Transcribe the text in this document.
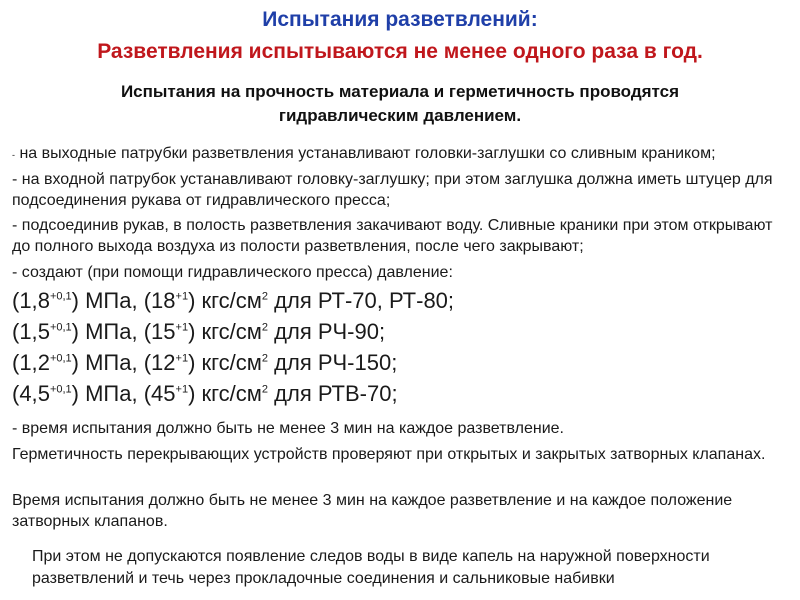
Испытания разветвлений:
Разветвления испытываются не менее одного раза в год.
Испытания на прочность материала и герметичность проводятся
гидравлическим давлением.
- на выходные патрубки разветвления устанавливают головки-заглушки со сливным краником;
- на входной патрубок устанавливают головку-заглушку; при этом заглушка должна иметь штуцер для подсоединения рукава от гидравлического пресса;
- подсоединив рукав, в полость разветвления закачивают воду. Сливные краники при этом открывают до полного выхода воздуха из полости разветвления, после чего закрывают;
- создают (при помощи гидравлического пресса) давление:
$(1,8^{+0,1})$ МПа, $(18^{+1})$ кгс/$см^2$ для РТ-70, РТ-80;
$(1,5^{+0,1})$ МПа, $(15^{+1})$ кгс/$см^2$ для РЧ-90;
$(1,2^{+0,1})$ МПа, $(12^{+1})$ кгс/$см^2$ для РЧ-150;
$(4,5^{+0,1})$ МПа, $(45^{+1})$ кгс/$см^2$ для РТВ-70;
- время испытания должно быть не менее 3 мин на каждое разветвление.
Герметичность перекрывающих устройств проверяют при открытых и закрытых затворных клапанах.
Время испытания должно быть не менее 3 мин на каждое разветвление и на каждое положение затворных клапанов.
При этом не допускаются появление следов воды в виде капель на наружной поверхности разветвлений и течь через прокладочные соединения и сальниковые набивки
